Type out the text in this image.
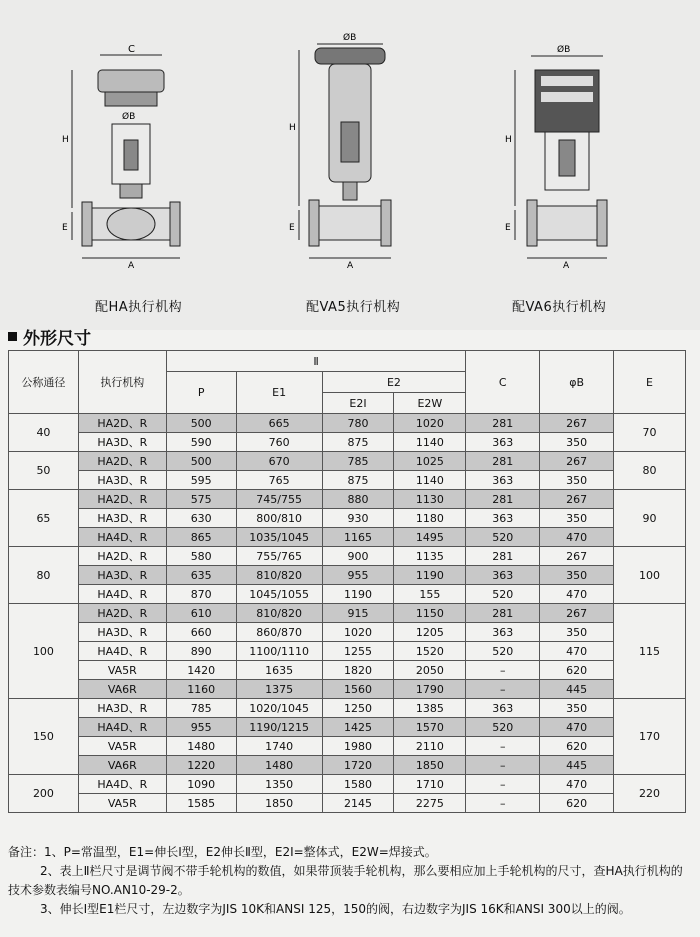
C
ØB
H
E
A
配HA执行机构
ØB
H
E
A
配VA5执行机构
ØB
H
E
A
配VA6执行机构
外形尺寸
公称通径	执行机构	Ⅱ				C	φB	E
		P	E1	E2				
				E2Ⅰ	E2W			
40	HA2D、R	500	665	780	1020	281	267	70
	HA3D、R	590	760	875	1140	363	350	
50	HA2D、R	500	670	785	1025	281	267	80
	HA3D、R	595	765	875	1140	363	350	
65	HA2D、R	575	745/755	880	1130	281	267	90
	HA3D、R	630	800/810	930	1180	363	350	
	HA4D、R	865	1035/1045	1165	1495	520	470	
80	HA2D、R	580	755/765	900	1135	281	267	100
	HA3D、R	635	810/820	955	1190	363	350	
	HA4D、R	870	1045/1055	1190	155	520	470	
100	HA2D、R	610	810/820	915	1150	281	267	115
	HA3D、R	660	860/870	1020	1205	363	350	
	HA4D、R	890	1100/1110	1255	1520	520	470	
	VA5R	1420	1635	1820	2050	–	620	
	VA6R	1160	1375	1560	1790	–	445	
150	HA3D、R	785	1020/1045	1250	1385	363	350	170
	HA4D、R	955	1190/1215	1425	1570	520	470	
	VA5R	1480	1740	1980	2110	–	620	
	VA6R	1220	1480	1720	1850	–	445	
200	HA4D、R	1090	1350	1580	1710	–	470	220
	VA5R	1585	1850	2145	2275	–	620	

备注：1、P=常温型，E1=伸长Ⅰ型，E2伸长Ⅱ型，E2Ⅰ=整体式，E2W=焊接式。

2、表上Ⅱ栏尺寸是调节阀不带手轮机构的数值，如果带顶装手轮机构，那么要相应加上手轮机构的尺寸，查HA执行机构的技术参数表编号NO.AN10-29-2。

3、伸长Ⅰ型E1栏尺寸，左边数字为JIS 10K和ANSI 125，150的阀，右边数字为JIS 16K和ANSI 300以上的阀。
